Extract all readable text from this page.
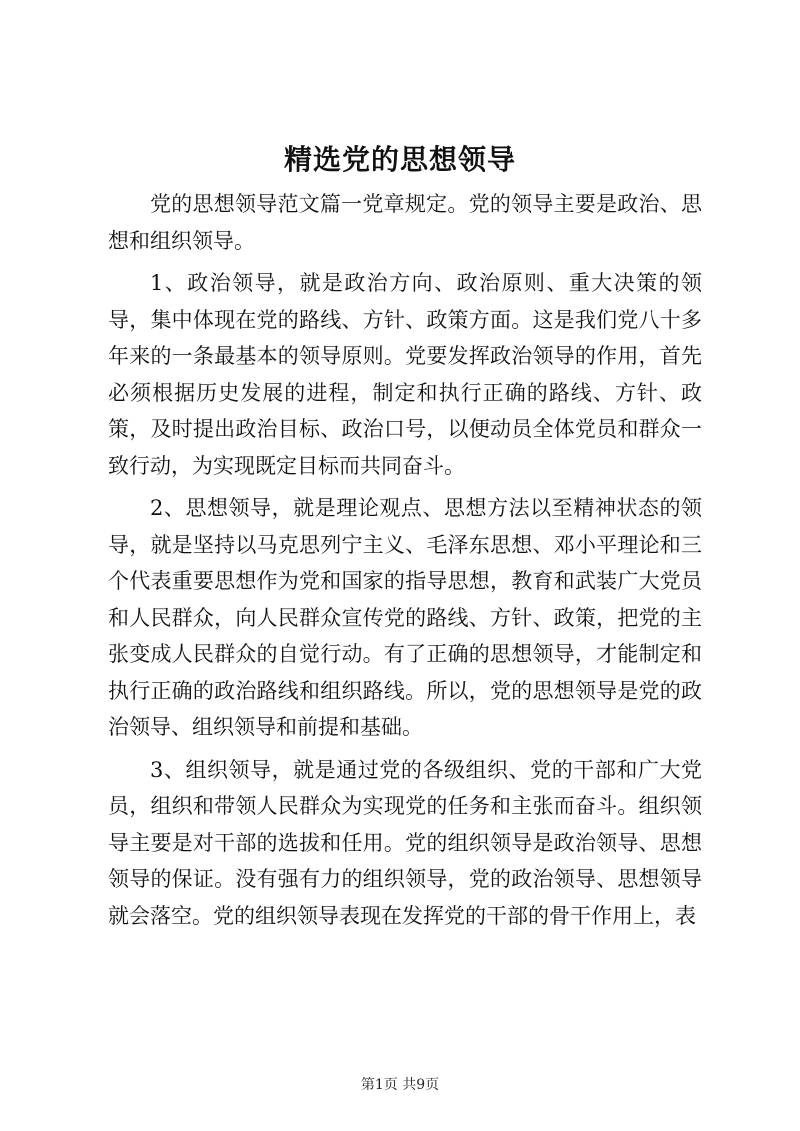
精选党的思想领导

党的思想领导范文篇一党章规定。党的领导主要是政治、思想和组织领导。

1、政治领导，就是政治方向、政治原则、重大决策的领导，集中体现在党的路线、方针、政策方面。这是我们党八十多年来的一条最基本的领导原则。党要发挥政治领导的作用，首先必须根据历史发展的进程，制定和执行正确的路线、方针、政策，及时提出政治目标、政治口号，以便动员全体党员和群众一致行动，为实现既定目标而共同奋斗。

2、思想领导，就是理论观点、思想方法以至精神状态的领导，就是坚持以马克思列宁主义、毛泽东思想、邓小平理论和三个代表重要思想作为党和国家的指导思想，教育和武装广大党员和人民群众，向人民群众宣传党的路线、方针、政策，把党的主张变成人民群众的自觉行动。有了正确的思想领导，才能制定和执行正确的政治路线和组织路线。所以，党的思想领导是党的政治领导、组织领导和前提和基础。

3、组织领导，就是通过党的各级组织、党的干部和广大党员，组织和带领人民群众为实现党的任务和主张而奋斗。组织领导主要是对干部的选拔和任用。党的组织领导是政治领导、思想领导的保证。没有强有力的组织领导，党的政治领导、思想领导就会落空。党的组织领导表现在发挥党的干部的骨干作用上，表

第1页 共9页
